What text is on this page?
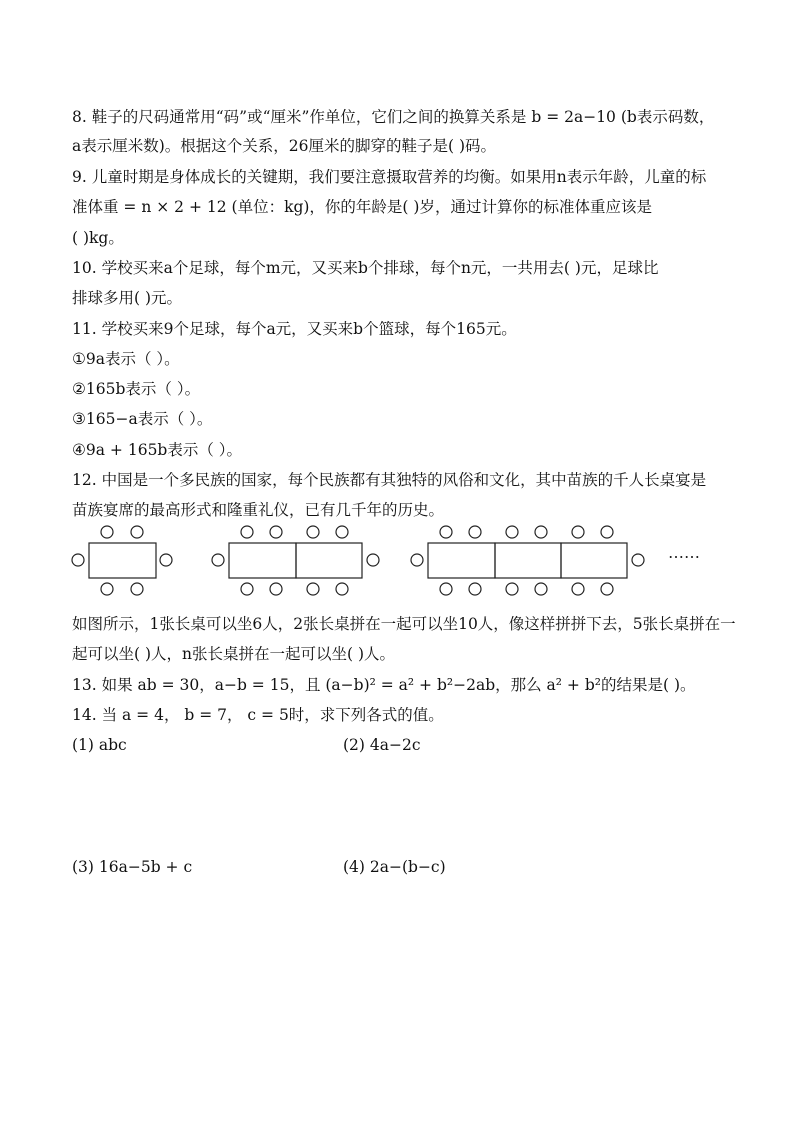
8. 鞋子的尺码通常用“码”或“厘米”作单位，它们之间的换算关系是 b = 2a−10 (b表示码数，
a表示厘米数)。根据这个关系，26厘米的脚穿的鞋子是( )码。
9. 儿童时期是身体成长的关键期，我们要注意摄取营养的均衡。如果用n表示年龄，儿童的标
准体重 = n × 2 + 12 (单位：kg)，你的年龄是( )岁，通过计算你的标准体重应该是
( )kg。
10. 学校买来a个足球，每个m元，又买来b个排球，每个n元，一共用去( )元，足球比
排球多用( )元。
11. 学校买来9个足球，每个a元，又买来b个篮球，每个165元。
①9a表示（ ）。
②165b表示（ ）。
③165−a表示（ ）。
④9a + 165b表示（ ）。
12. 中国是一个多民族的国家，每个民族都有其独特的风俗和文化，其中苗族的千人长桌宴是
苗族宴席的最高形式和隆重礼仪，已有几千年的历史。
……
如图所示，1张长桌可以坐6人，2张长桌拼在一起可以坐10人，像这样拼拼下去，5张长桌拼在一
起可以坐( )人，n张长桌拼在一起可以坐( )人。
13. 如果 ab = 30，a−b = 15，且 (a−b)² = a² + b²−2ab，那么 a² + b²的结果是( )。
14. 当 a = 4， b = 7， c = 5时，求下列各式的值。
(1) abc	(2) 4a−2c
(3) 16a−5b + c	(4) 2a−(b−c)
